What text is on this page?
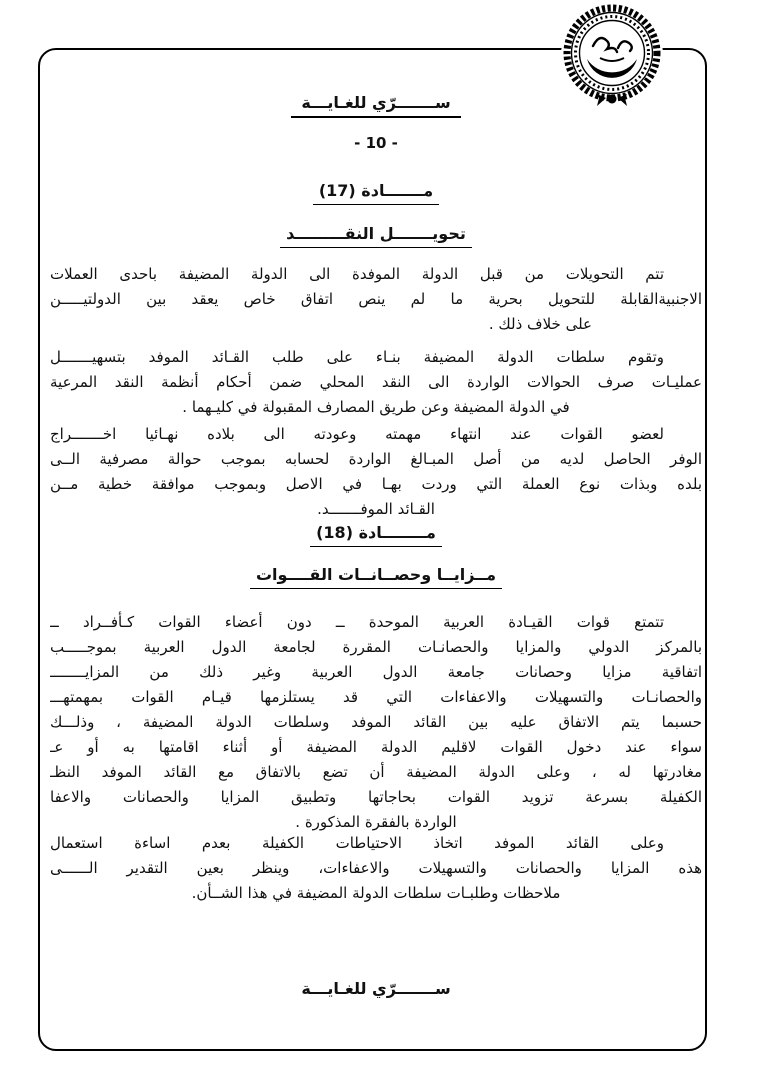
ســـــــرّي للغـايـــة
- 10 -
مـــــــادة (17)
تحويـــــــل النقـــــــــد
تتم التحويلات من قبل الدولة الموفدة الى الدولة المضيفة باحدى العملات
الاجنبيةالقابلة للتحويل بحرية ما لم ينص اتفاق خاص يعقد بين الدولتيـــــن
على خلاف ذلك .
وتقوم سلطات الدولة المضيفة بنـاء على طلب القـائد الموفد بتسهيـــــــل
عمليـات صرف الحوالات الواردة الى النقد المحلي ضمن أحكام أنظمة النقد المرعية
في الدولة المضيفة وعن طريق المصارف المقبولة في كليـهما .
لعضو القوات عند انتهاء مهمته وعودته الى بلاده نهـائيا اخـــــــراج
الوفر الحاصل لديه من أصل المبـالغ الواردة لحسابه بموجب حوالة مصرفية الــى
بلده وبذات نوع العملة التي وردت بهـا في الاصل وبموجب موافقة خطية مــن
القـائد الموفـــــــد.
مــــــــادة (18)
مــزايــا وحصــانــات القــــوات
تتمتع قوات القيـادة العربية الموحدة ــ دون أعضاء القوات كـأفــراد ــ
بالمركز الدولي والمزايا والحصانـات المقررة لجامعة الدول العربية بموجـــــب
اتفاقية مزايا وحصانات جامعة الدول العربية وغير ذلك من المزايــــــــ
والحصانـات والتسهيلات والاعفاءات التي قد يستلزمها قيـام القوات بمهمتهـــ
حسبما يتم الاتفاق عليه بين القائد الموفد وسلطات الدولة المضيفة ، وذلـــك
سواء عند دخول القوات لاقليم الدولة المضيفة أو أثناء اقامتها به أو عـ
مغادرتها له ، وعلى الدولة المضيفة أن تضع بالاتفاق مع القائد الموفد النظـ
الكفيلة بسرعة تزويد القوات بحاجاتها وتطبيق المزايا والحصانات والاعفا
الواردة بالفقرة المذكورة .
وعلى القائد الموفد اتخاذ الاحتياطات الكفيلة بعدم اساءة استعمال
هذه المزايا والحصانات والتسهيلات والاعفاءات، وينظر بعين التقدير الــــــى
ملاحظات وطلبـات سلطات الدولة المضيفة في هذا الشــأن.
ســـــــرّي للغـايـــة
